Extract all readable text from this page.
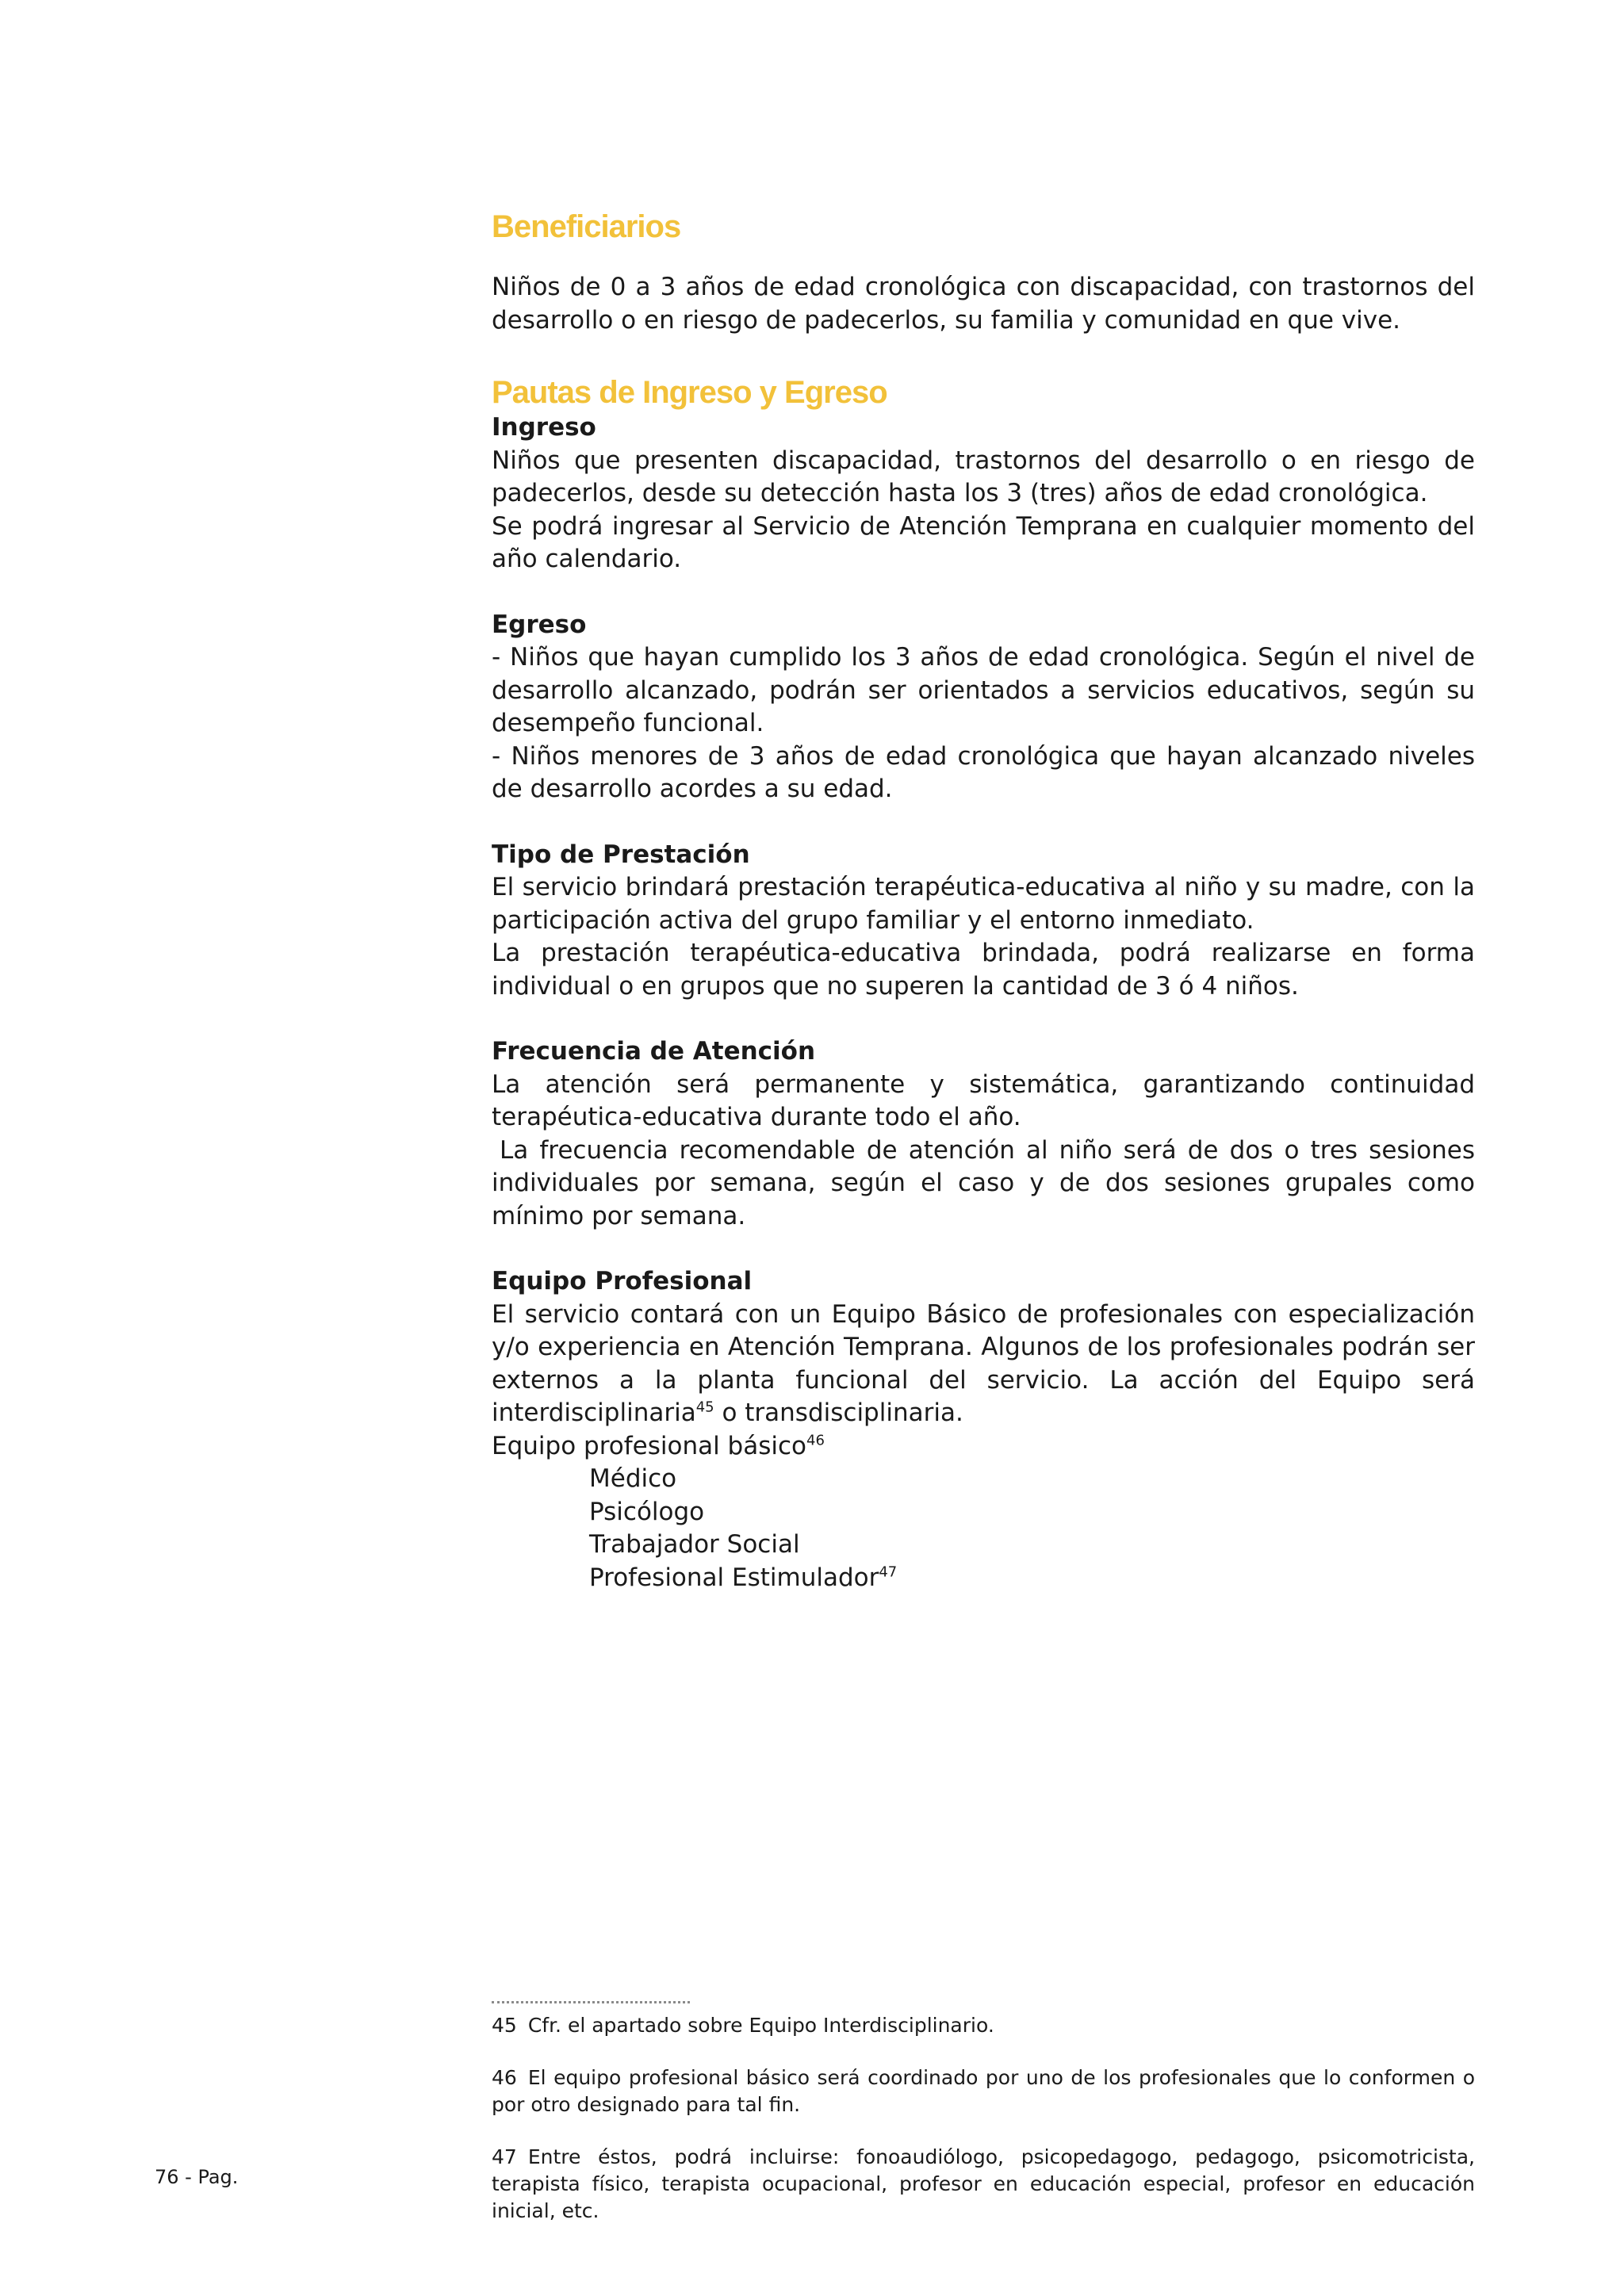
Beneficiarios

Niños de 0 a 3 años de edad cronológica con discapacidad, con trastornos del desarrollo o en riesgo de padecerlos, su familia y comunidad en que vive.

Pautas de Ingreso y Egreso

Ingreso

Niños que presenten discapacidad, trastornos del desarrollo o en riesgo de padecerlos, desde su detección hasta los 3 (tres) años de edad cronológica.

Se podrá ingresar al Servicio de Atención Temprana en cualquier momento del año calendario.

Egreso

- Niños que hayan cumplido los 3 años de edad cronológica. Según el nivel de desarrollo alcanzado, podrán ser orientados a servicios educativos, según su desempeño funcional.

- Niños menores de 3 años de edad cronológica que hayan alcanzado niveles de desarrollo acordes a su edad.

Tipo de Prestación

El servicio brindará prestación terapéutica-educativa al niño y su madre, con la participación activa del grupo familiar y el entorno inmediato.

La prestación terapéutica-educativa brindada, podrá realizarse en forma individual o en grupos que no superen la cantidad de 3 ó 4 niños.

Frecuencia de Atención

La atención será permanente y sistemática, garantizando continuidad terapéutica-educativa durante todo el año.

La frecuencia recomendable de atención al niño será de dos o tres sesiones individuales por semana, según el caso y de dos sesiones grupales como mínimo por semana.

Equipo Profesional

El servicio contará con un Equipo Básico de profesionales con especialización y/o experiencia en Atención Temprana. Algunos de los profesionales podrán ser externos a la planta funcional del servicio. La acción del Equipo será interdisciplinaria$^{45}$ o transdisciplinaria.

Equipo profesional básico$^{46}$

Médico

Psicólogo

Trabajador Social

Profesional Estimulador$^{47}$

45 Cfr. el apartado sobre Equipo Interdisciplinario.

46 El equipo profesional básico será coordinado por uno de los profesionales que lo conformen o por otro designado para tal fin.

47 Entre éstos, podrá incluirse: fonoaudiólogo, psicopedagogo, pedagogo, psicomotricista, terapista físico, terapista ocupacional, profesor en educación especial, profesor en educación inicial, etc.

76 - Pag.
